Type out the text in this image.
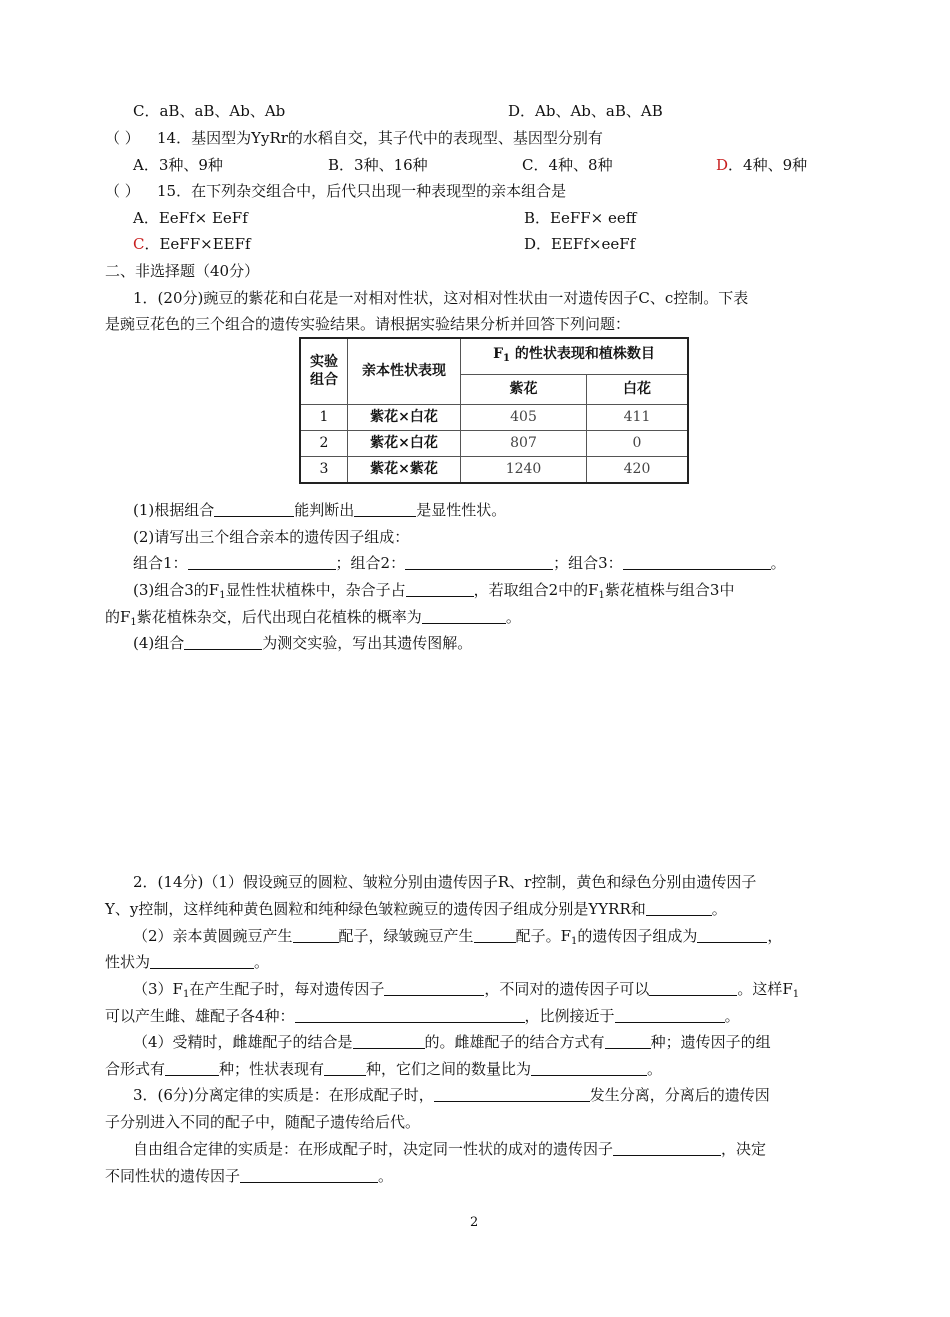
C．aB、aB、Ab、Ab	D．Ab、Ab、aB、AB
（ ） 14．基因型为YyRr的水稻自交，其子代中的表现型、基因型分别有
A．3种、9种	B．3种、16种	C．4种、8种	D．4种、9种
（ ） 15．在下列杂交组合中，后代只出现一种表现型的亲本组合是
A．EeFf× EeFf	B．EeFF× eeff
C．EeFF×EEFf	D．EEFf×eeFf
二、非选择题（40分）
1．(20分)豌豆的紫花和白花是一对相对性状，这对相对性状由一对遗传因子C、c控制。下表
是豌豆花色的三个组合的遗传实验结果。请根据实验结果分析并回答下列问题：
实验
组合	亲本性状表现	$F_1$ 的性状表现和植株数目	
		紫花	白花
1	紫花×白花	405	411
2	紫花×白花	807	0
3	紫花×紫花	1240	420
(1)根据组合	能判断出	是显性性状。
(2)请写出三个组合亲本的遗传因子组成：
组合1：	；组合2：	；组合3：	。
(3)组合3的$F_1$显性性状植株中，杂合子占	，若取组合2中的$F_1$紫花植株与组合3中
的$F_1$紫花植株杂交，后代出现白花植株的概率为	。
(4)组合	为测交实验，写出其遗传图解。
2．(14分)（1）假设豌豆的圆粒、皱粒分别由遗传因子R、r控制，黄色和绿色分别由遗传因子
Y、y控制，这样纯种黄色圆粒和纯种绿色皱粒豌豆的遗传因子组成分别是YYRR和	。
（2）亲本黄圆豌豆产生	配子，绿皱豌豆产生	配子。$F_1$的遗传因子组成为	，
性状为	。
$(3)F_1$在产生配子时，每对遗传因子	，不同对的遗传因子可以	。这样$F_1$
可以产生雌、雄配子各4种：	，比例接近于	。
（4）受精时，雌雄配子的结合是	的。雌雄配子的结合方式有	种；遗传因子的组
合形式有	种；性状表现有	种，它们之间的数量比为	。
3．(6分)分离定律的实质是：在形成配子时，	发生分离，分离后的遗传因
子分别进入不同的配子中，随配子遗传给后代。
自由组合定律的实质是：在形成配子时，决定同一性状的成对的遗传因子	，决定
不同性状的遗传因子	。
2
